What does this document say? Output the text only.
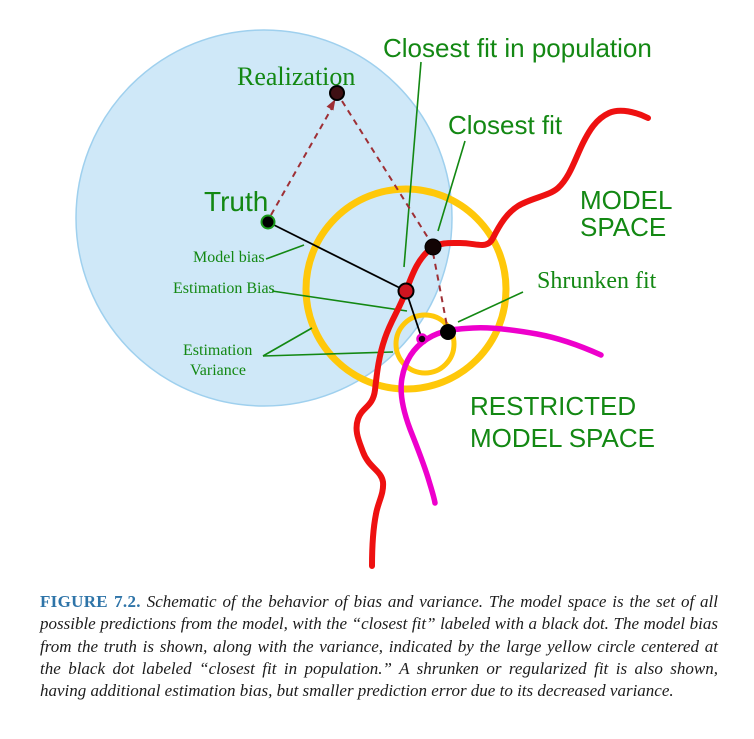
Realization
Truth
Closest fit in population
Closest fit
MODEL
SPACE
Shrunken fit
RESTRICTED
MODEL SPACE
Model bias
Estimation Bias
Estimation
Variance
FIGURE 7.2. Schematic of the behavior of bias and variance. The model space is the set of all possible predictions from the model, with the “closest fit” labeled with a black dot. The model bias from the truth is shown, along with the variance, indicated by the large yellow circle centered at the black dot labeled “closest fit in population.” A shrunken or regularized fit is also shown, having additional estimation bias, but smaller prediction error due to its decreased variance.
